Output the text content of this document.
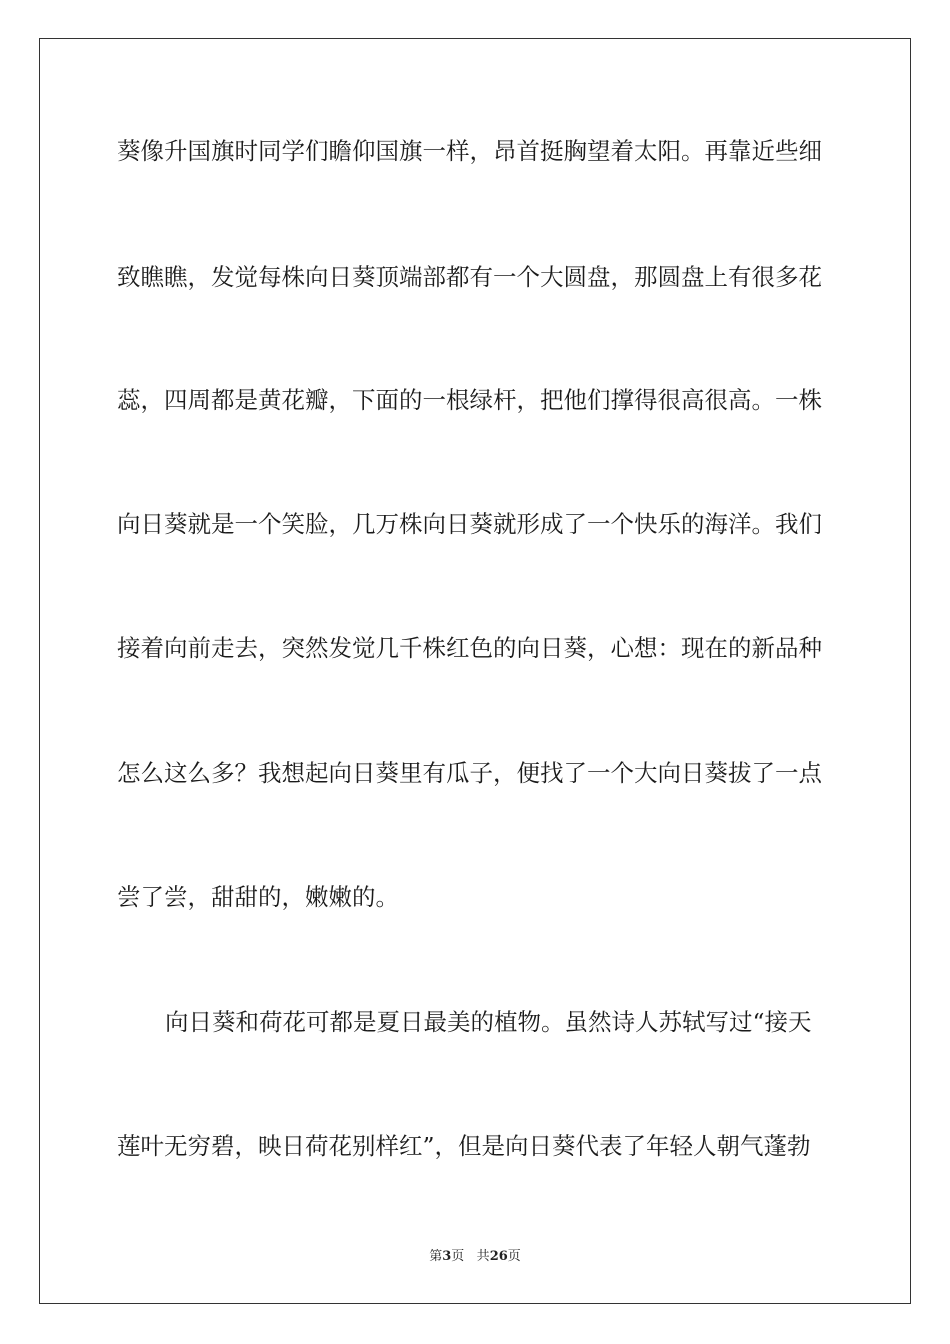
葵像升国旗时同学们瞻仰国旗一样，昂首挺胸望着太阳。再靠近些细
致瞧瞧，发觉每株向日葵顶端部都有一个大圆盘，那圆盘上有很多花
蕊，四周都是黄花瓣，下面的一根绿杆，把他们撑得很高很高。一株
向日葵就是一个笑脸，几万株向日葵就形成了一个快乐的海洋。我们
接着向前走去，突然发觉几千株红色的向日葵，心想：现在的新品种
怎么这么多？我想起向日葵里有瓜子，便找了一个大向日葵拔了一点
尝了尝，甜甜的，嫩嫩的。
向日葵和荷花可都是夏日最美的植物。虽然诗人苏轼写过“接天
莲叶无穷碧，映日荷花别样红”，但是向日葵代表了年轻人朝气蓬勃
第3页 共26页
